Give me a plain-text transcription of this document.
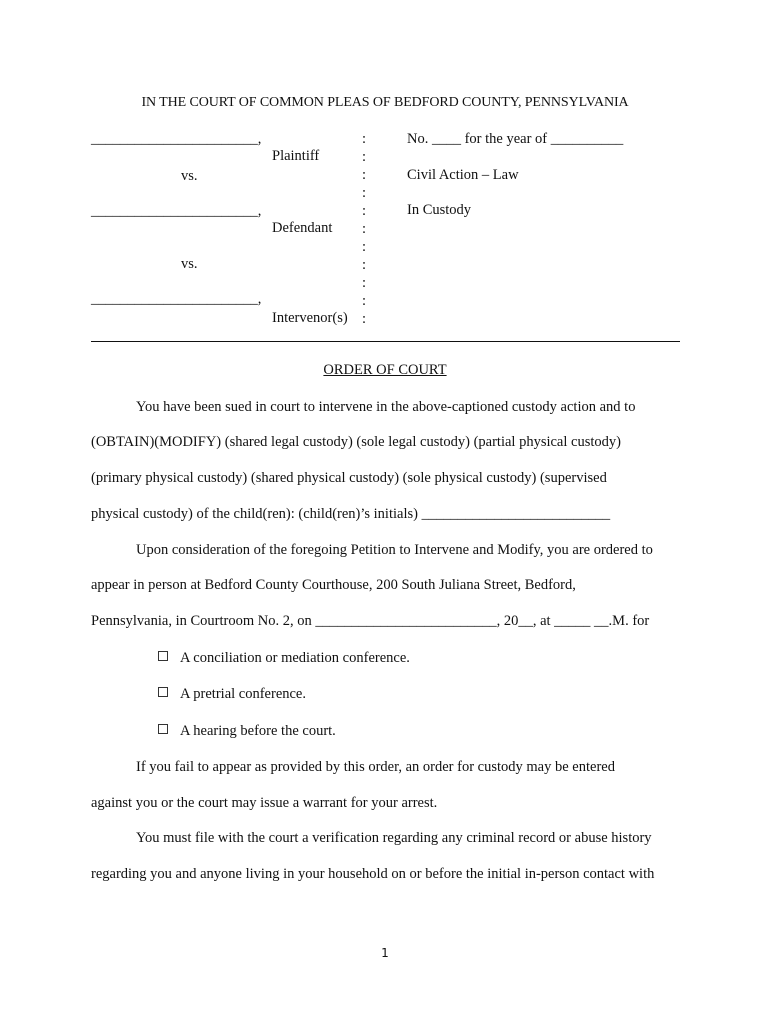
IN THE COURT OF COMMON PLEAS OF BEDFORD COUNTY, PENNSYLVANIA
_______________________,
Plaintiff
vs.
_______________________,
Defendant
vs.
_______________________,
Intervenor(s)
:
:
:
:
:
:
:
:
:
:
:
No. ____ for the year of __________
Civil Action – Law
In Custody
ORDER OF COURT
You have been sued in court to intervene in the above-captioned custody action and to
(OBTAIN)(MODIFY) (shared legal custody) (sole legal custody) (partial physical custody)
(primary physical custody) (shared physical custody) (sole physical custody) (supervised
physical custody) of the child(ren): (child(ren)’s initials) __________________________
Upon consideration of the foregoing Petition to Intervene and Modify, you are ordered to
appear in person at Bedford County Courthouse, 200 South Juliana Street, Bedford,
Pennsylvania, in Courtroom No. 2, on _________________________, 20__, at _____ __.M. for
A conciliation or mediation conference.
A pretrial conference.
A hearing before the court.
If you fail to appear as provided by this order, an order for custody may be entered
against you or the court may issue a warrant for your arrest.
You must file with the court a verification regarding any criminal record or abuse history
regarding you and anyone living in your household on or before the initial in-person contact with
1
